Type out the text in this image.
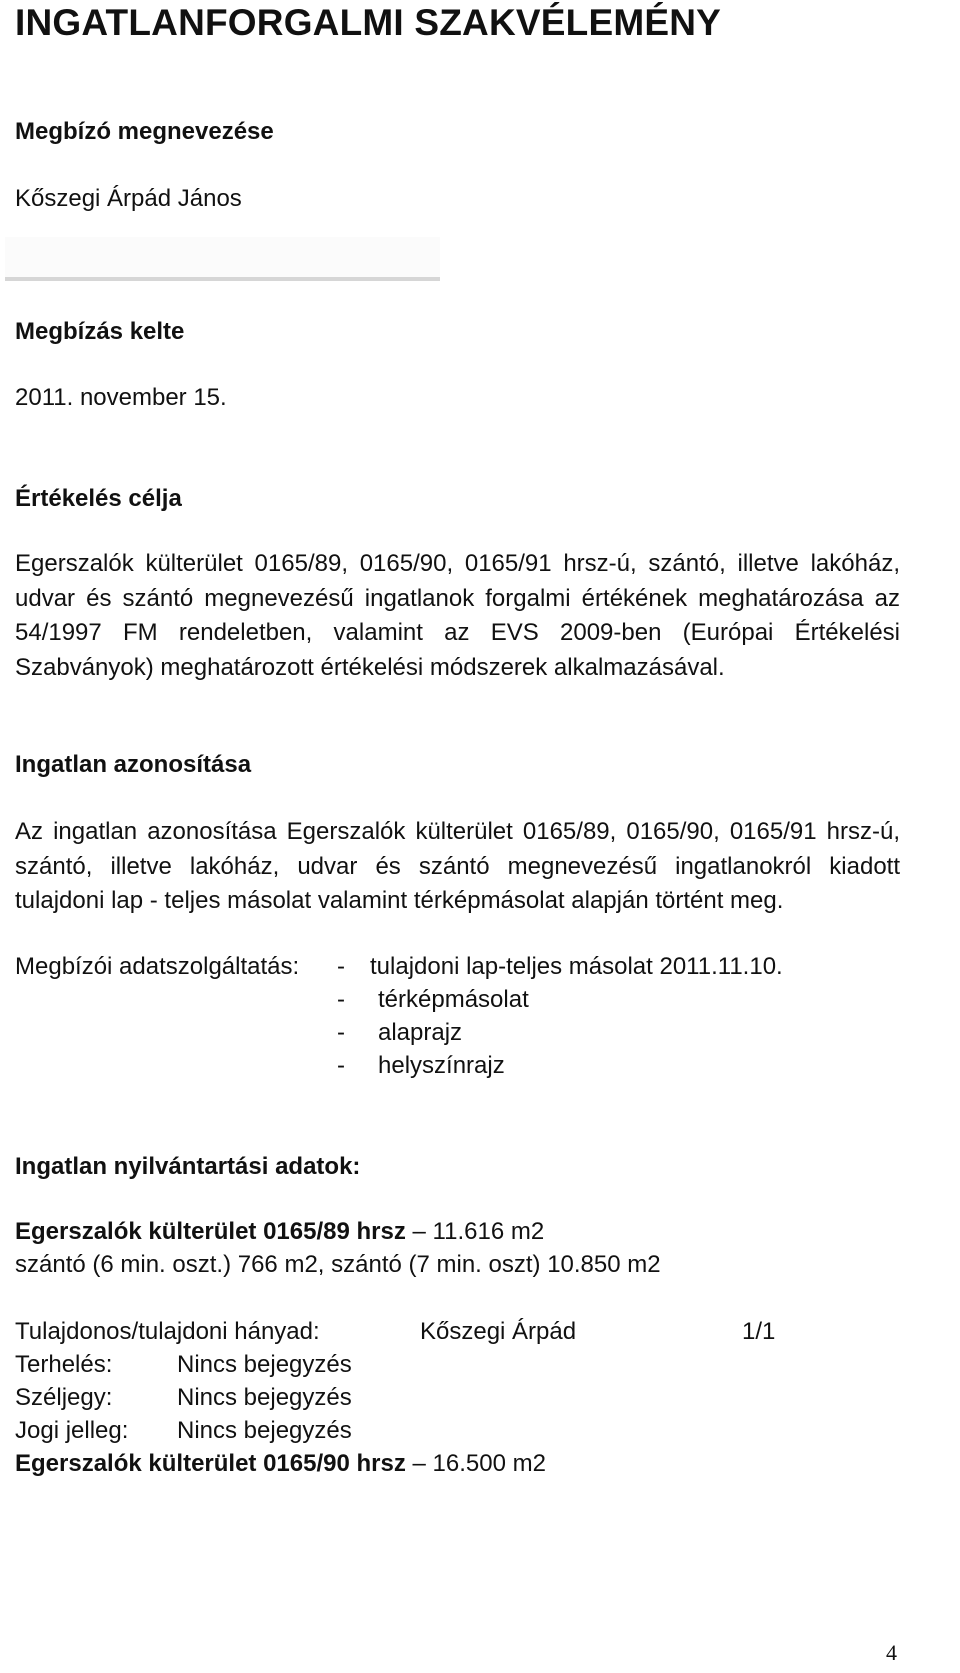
INGATLANFORGALMI SZAKVÉLEMÉNY
Megbízó megnevezése
Kőszegi Árpád János
Megbízás kelte
2011. november 15.
Értékelés célja
Egerszalók külterület 0165/89, 0165/90, 0165/91 hrsz-ú, szántó, illetve lakóház, udvar és szántó megnevezésű ingatlanok forgalmi értékének meghatározása az 54/1997 FM rendeletben, valamint az EVS 2009-ben (Európai Értékelési Szabványok) meghatározott értékelési módszerek alkalmazásával.
Ingatlan azonosítása
Az ingatlan azonosítása Egerszalók külterület 0165/89, 0165/90, 0165/91 hrsz-ú, szántó, illetve lakóház, udvar és szántó megnevezésű ingatlanokról kiadott tulajdoni lap - teljes másolat valamint térképmásolat alapján történt meg.
Megbízói adatszolgáltatás: - tulajdoni lap-teljes másolat 2011.11.10.
- térképmásolat
- alaprajz
- helyszínrajz
Ingatlan nyilvántartási adatok:
Egerszalók külterület 0165/89 hrsz – 11.616 m2
szántó (6 min. oszt.) 766 m2, szántó (7 min. oszt) 10.850 m2
Tulajdonos/tulajdoni hányad:	Kőszegi Árpád	1/1
Terhelés:	Nincs bejegyzés
Széljegy:	Nincs bejegyzés
Jogi jelleg: Nincs bejegyzés
Egerszalók külterület 0165/90 hrsz – 16.500 m2
4
